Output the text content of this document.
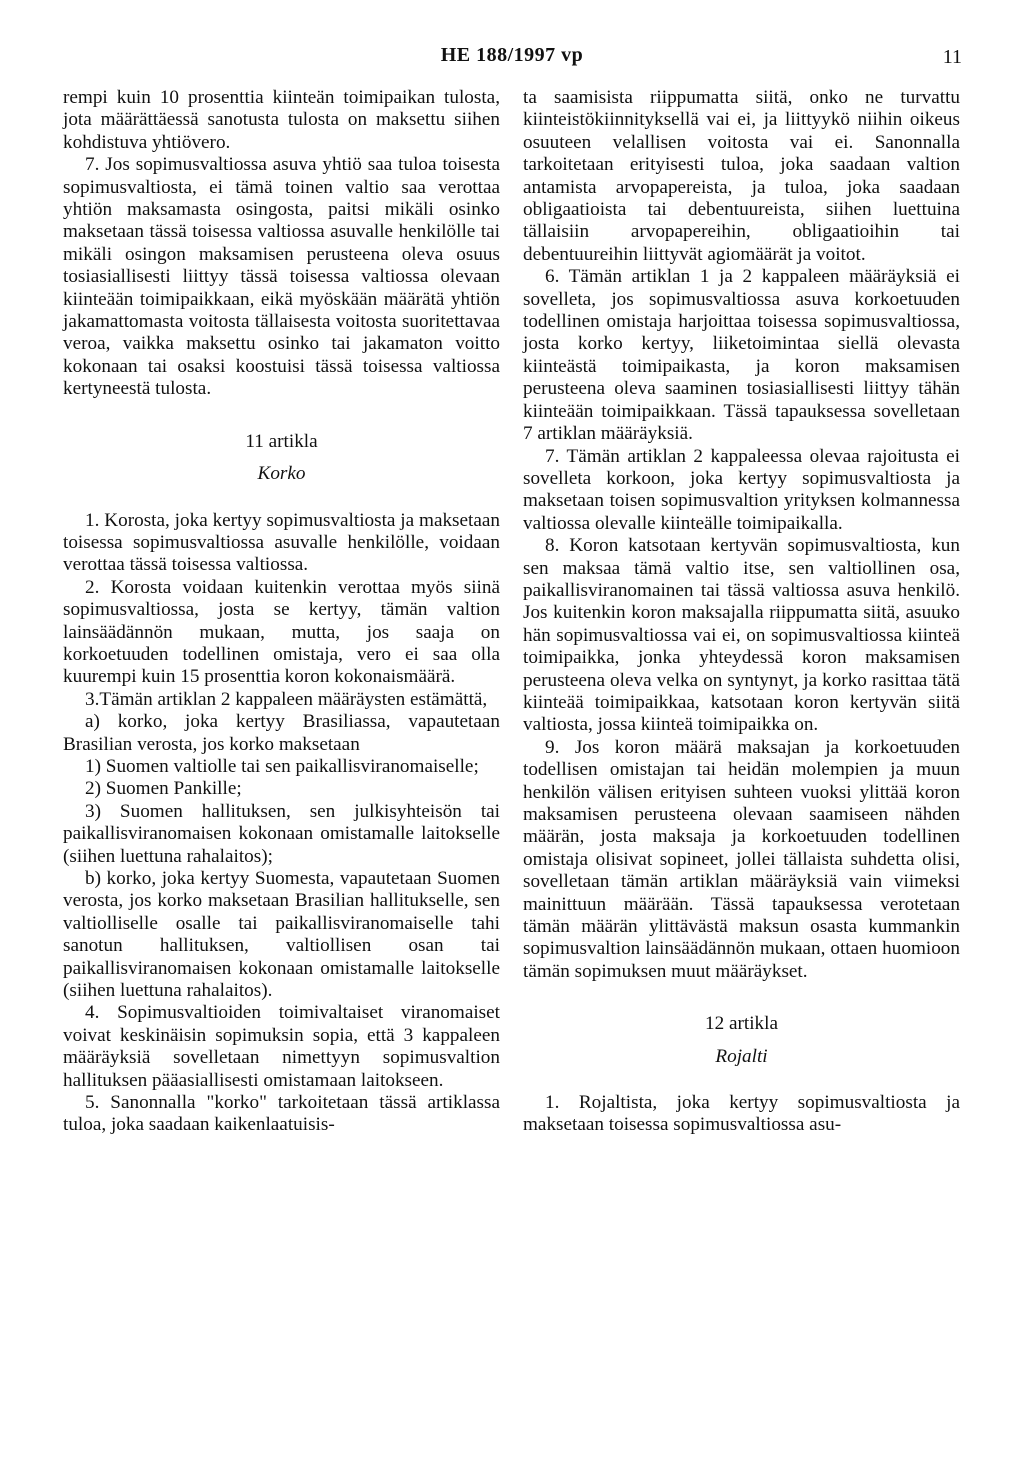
HE 188/1997 vp	11

rempi kuin 10 prosenttia kiinteän toimipaikan tulosta, jota määrättäessä sanotusta tulosta on maksettu siihen kohdistuva yhtiövero.

7. Jos sopimusvaltiossa asuva yhtiö saa tuloa toisesta sopimusvaltiosta, ei tämä toinen valtio saa verottaa yhtiön maksamasta osingosta, paitsi mikäli osinko maksetaan tässä toisessa valtiossa asuvalle henkilölle tai mikäli osingon maksamisen perusteena oleva osuus tosiasiallisesti liittyy tässä toisessa valtiossa olevaan kiinteään toimipaikkaan, eikä myöskään määrätä yhtiön jakamattomasta voitosta tällaisesta voitosta suoritettavaa veroa, vaikka maksettu osinko tai jakamaton voitto kokonaan tai osaksi koostuisi tässä toisessa valtiossa kertyneestä tulosta.

11 artikla
Korko

1. Korosta, joka kertyy sopimusvaltiosta ja maksetaan toisessa sopimusvaltiossa asuvalle henkilölle, voidaan verottaa tässä toisessa valtiossa.

2. Korosta voidaan kuitenkin verottaa myös siinä sopimusvaltiossa, josta se kertyy, tämän valtion lainsäädännön mukaan, mutta, jos saaja on korkoetuuden todellinen omistaja, vero ei saa olla kuurempi kuin 15 prosenttia koron kokonaismäärä.

3.Tämän artiklan 2 kappaleen määräysten estämättä,

a) korko, joka kertyy Brasiliassa, vapautetaan Brasilian verosta, jos korko maksetaan

1) Suomen valtiolle tai sen paikallisviranomaiselle;

2) Suomen Pankille;

3) Suomen hallituksen, sen julkisyhteisön tai paikallisviranomaisen kokonaan omistamalle laitokselle (siihen luettuna rahalaitos);

b) korko, joka kertyy Suomesta, vapautetaan Suomen verosta, jos korko maksetaan Brasilian hallitukselle, sen valtiolliselle osalle tai paikallisviranomaiselle tahi sanotun hallituksen, valtiollisen osan tai paikallisviranomaisen kokonaan omistamalle laitokselle (siihen luettuna rahalaitos).

4. Sopimusvaltioiden toimivaltaiset viranomaiset voivat keskinäisin sopimuksin sopia, että 3 kappaleen määräyksiä sovelletaan nimettyyn sopimusvaltion hallituksen pääasiallisesti omistamaan laitokseen.

5. Sanonnalla "korko" tarkoitetaan tässä artiklassa tuloa, joka saadaan kaikenlaatuisis-

ta saamisista riippumatta siitä, onko ne turvattu kiinteistökiinnityksellä vai ei, ja liittyykö niihin oikeus osuuteen velallisen voitosta vai ei. Sanonnalla tarkoitetaan erityisesti tuloa, joka saadaan valtion antamista arvopapereista, ja tuloa, joka saadaan obligaatioista tai debentuureista, siihen luettuina tällaisiin arvopapereihin, obligaatioihin tai debentuureihin liittyvät agiomäärät ja voitot.

6. Tämän artiklan 1 ja 2 kappaleen määräyksiä ei sovelleta, jos sopimusvaltiossa asuva korkoetuuden todellinen omistaja harjoittaa toisessa sopimusvaltiossa, josta korko kertyy, liiketoimintaa siellä olevasta kiinteästä toimipaikasta, ja koron maksamisen perusteena oleva saaminen tosiasiallisesti liittyy tähän kiinteään toimipaikkaan. Tässä tapauksessa sovelletaan 7 artiklan määräyksiä.

7. Tämän artiklan 2 kappaleessa olevaa rajoitusta ei sovelleta korkoon, joka kertyy sopimusvaltiosta ja maksetaan toisen sopimusvaltion yrityksen kolmannessa valtiossa olevalle kiinteälle toimipaikalla.

8. Koron katsotaan kertyvän sopimusvaltiosta, kun sen maksaa tämä valtio itse, sen valtiollinen osa, paikallisviranomainen tai tässä valtiossa asuva henkilö. Jos kuitenkin koron maksajalla riippumatta siitä, asuuko hän sopimusvaltiossa vai ei, on sopimusvaltiossa kiinteä toimipaikka, jonka yhteydessä koron maksamisen perusteena oleva velka on syntynyt, ja korko rasittaa tätä kiinteää toimipaikkaa, katsotaan koron kertyvän siitä valtiosta, jossa kiinteä toimipaikka on.

9. Jos koron määrä maksajan ja korkoetuuden todellisen omistajan tai heidän molempien ja muun henkilön välisen erityisen suhteen vuoksi ylittää koron maksamisen perusteena olevaan saamiseen nähden määrän, josta maksaja ja korkoetuuden todellinen omistaja olisivat sopineet, jollei tällaista suhdetta olisi, sovelletaan tämän artiklan määräyksiä vain viimeksi mainittuun määrään. Tässä tapauksessa verotetaan tämän määrän ylittävästä maksun osasta kummankin sopimusvaltion lainsäädännön mukaan, ottaen huomioon tämän sopimuksen muut määräykset.

12 artikla
Rojalti

1. Rojaltista, joka kertyy sopimusvaltiosta ja maksetaan toisessa sopimusvaltiossa asu-
